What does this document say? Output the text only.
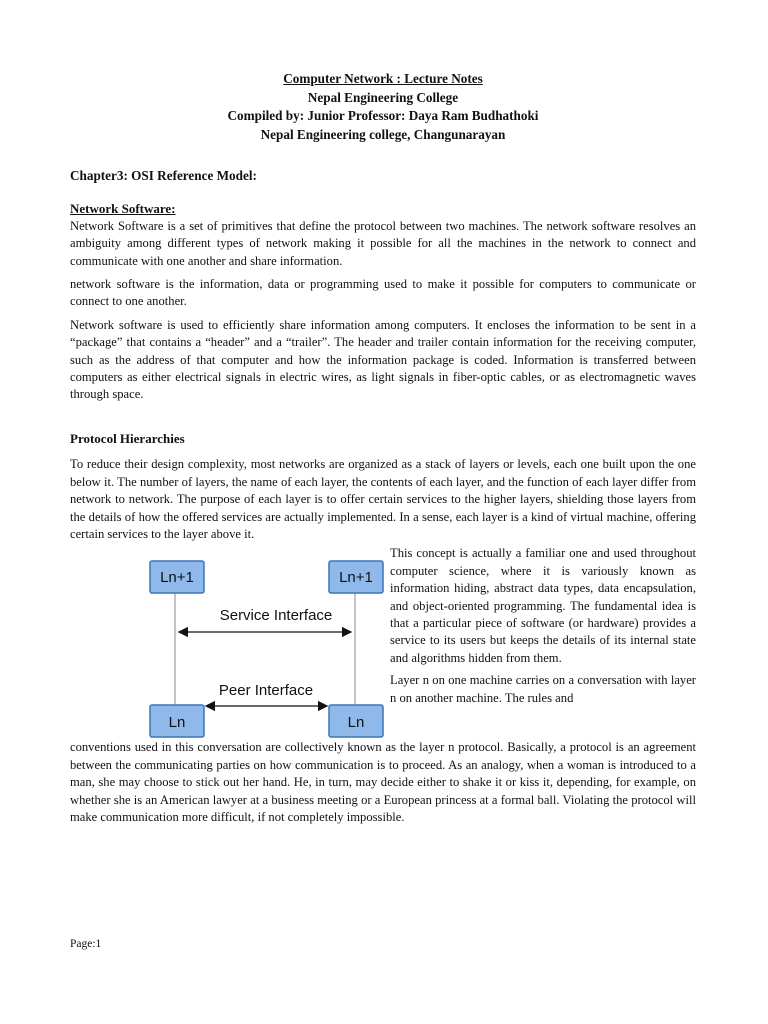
Computer Network : Lecture Notes
Nepal Engineering College
Compiled by: Junior Professor: Daya Ram Budhathoki
Nepal Engineering college, Changunarayan
Chapter3: OSI Reference Model:
Network Software:

Network Software is a set of primitives that define the protocol between two machines. The network software resolves an ambiguity among different types of network making it possible for all the machines in the network to connect and communicate with one another and share information.

network software is the information, data or programming used to make it possible for computers to communicate or connect to one another.

Network software is used to efficiently share information among computers. It encloses the information to be sent in a “package” that contains a “header” and a “trailer”. The header and trailer contain information for the receiving computer, such as the address of that computer and how the information package is coded. Information is transferred between computers as either electrical signals in electric wires, as light signals in fiber-optic cables, or as electromagnetic waves through space.

Protocol Hierarchies

To reduce their design complexity, most networks are organized as a stack of layers or levels, each one built upon the one below it. The number of layers, the name of each layer, the contents of each layer, and the function of each layer differ from network to network. The purpose of each layer is to offer certain services to the higher layers, shielding those layers from the details of how the offered services are actually implemented. In a sense, each layer is a kind of virtual machine, offering certain services to the layer above it.

Ln+1	Ln+1
Ln	Ln
Service Interface
Peer Interface

This concept is actually a familiar one and used throughout computer science, where it is variously known as information hiding, abstract data types, data encapsulation, and object-oriented programming. The fundamental idea is that a particular piece of software (or hardware) provides a service to its users but keeps the details of its internal state and algorithms hidden from them.

Layer n on one machine carries on a conversation with layer n on another machine. The rules and

conventions used in this conversation are collectively known as the layer n protocol. Basically, a protocol is an agreement between the communicating parties on how communication is to proceed. As an analogy, when a woman is introduced to a man, she may choose to stick out her hand. He, in turn, may decide either to shake it or kiss it, depending, for example, on whether she is an American lawyer at a business meeting or a European princess at a formal ball. Violating the protocol will make communication more difficult, if not completely impossible.

Page:1
